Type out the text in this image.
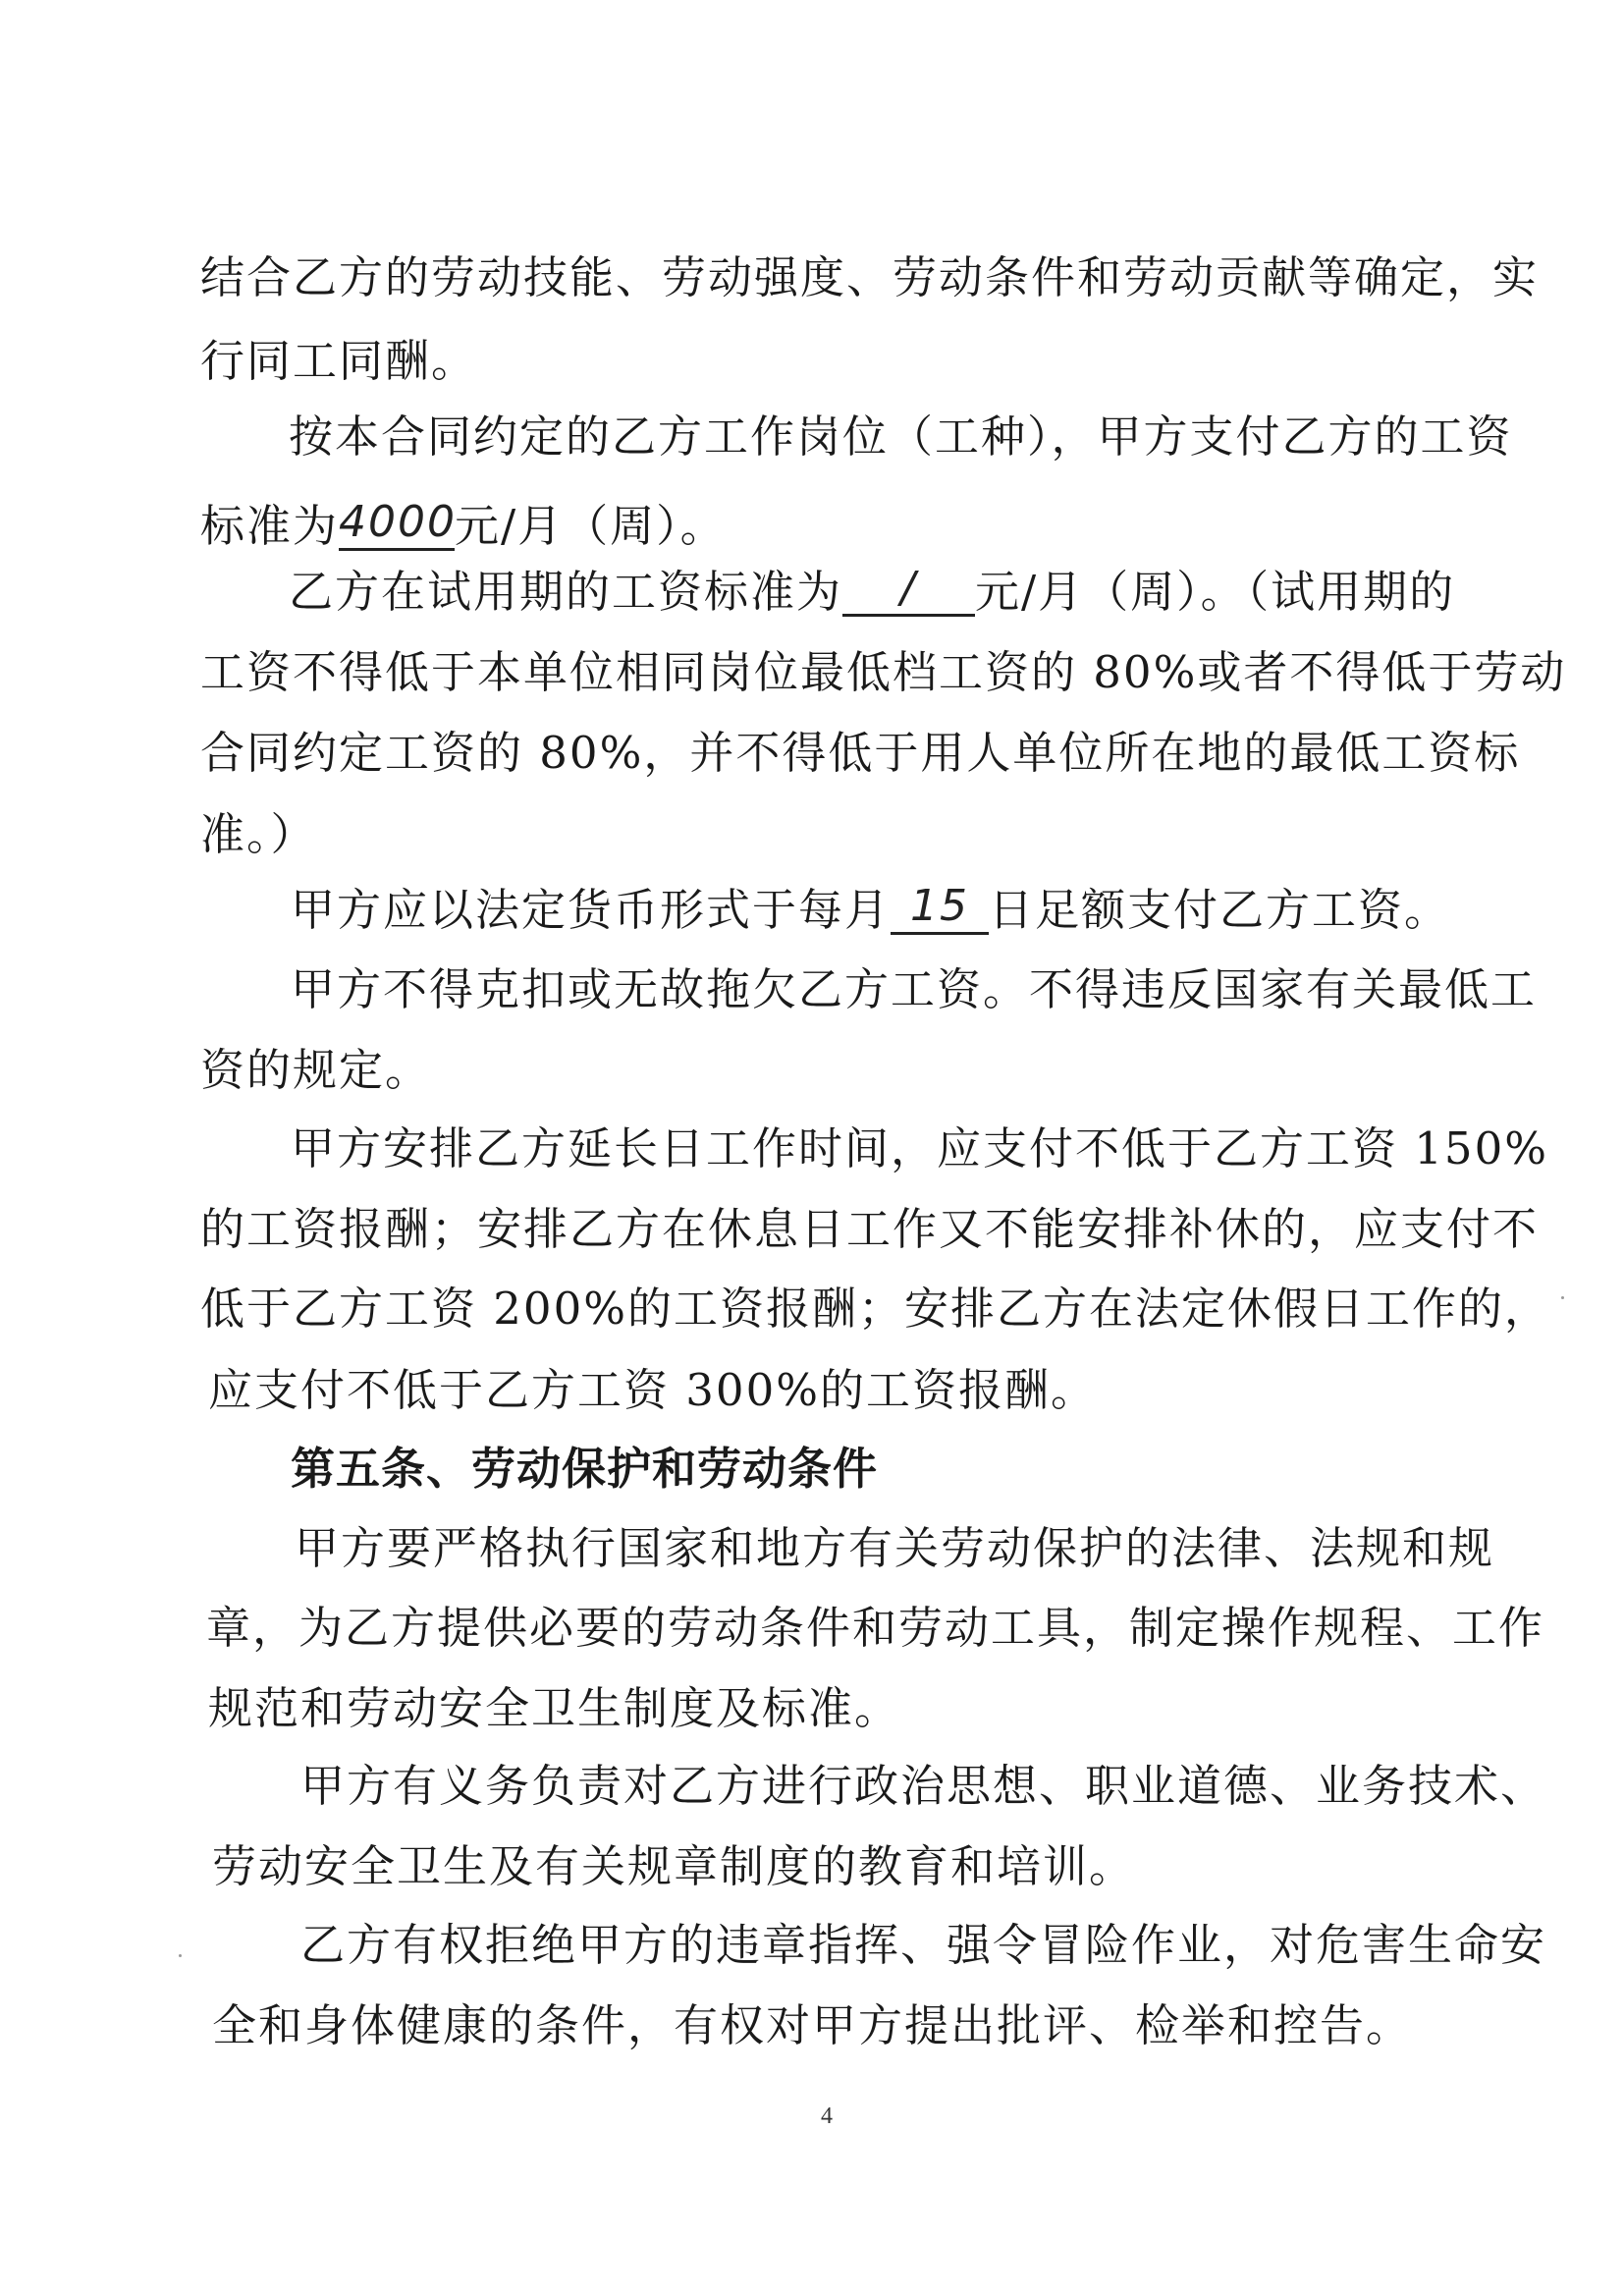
结合乙方的劳动技能、劳动强度、劳动条件和劳动贡献等确定，实
行同工同酬。
按本合同约定的乙方工作岗位（工种），甲方支付乙方的工资
标准为4000元/月（周）。
乙方在试用期的工资标准为 / 元/月（周）。（试用期的
工资不得低于本单位相同岗位最低档工资的 80%或者不得低于劳动
合同约定工资的 80%，并不得低于用人单位所在地的最低工资标
准。）
甲方应以法定货币形式于每月 15 日足额支付乙方工资。
甲方不得克扣或无故拖欠乙方工资。不得违反国家有关最低工
资的规定。
甲方安排乙方延长日工作时间，应支付不低于乙方工资 150%
的工资报酬；安排乙方在休息日工作又不能安排补休的，应支付不
低于乙方工资 200%的工资报酬；安排乙方在法定休假日工作的，
应支付不低于乙方工资 300%的工资报酬。
第五条、劳动保护和劳动条件
甲方要严格执行国家和地方有关劳动保护的法律、法规和规
章，为乙方提供必要的劳动条件和劳动工具，制定操作规程、工作
规范和劳动安全卫生制度及标准。
甲方有义务负责对乙方进行政治思想、职业道德、业务技术、
劳动安全卫生及有关规章制度的教育和培训。
乙方有权拒绝甲方的违章指挥、强令冒险作业，对危害生命安
全和身体健康的条件，有权对甲方提出批评、检举和控告。
4
